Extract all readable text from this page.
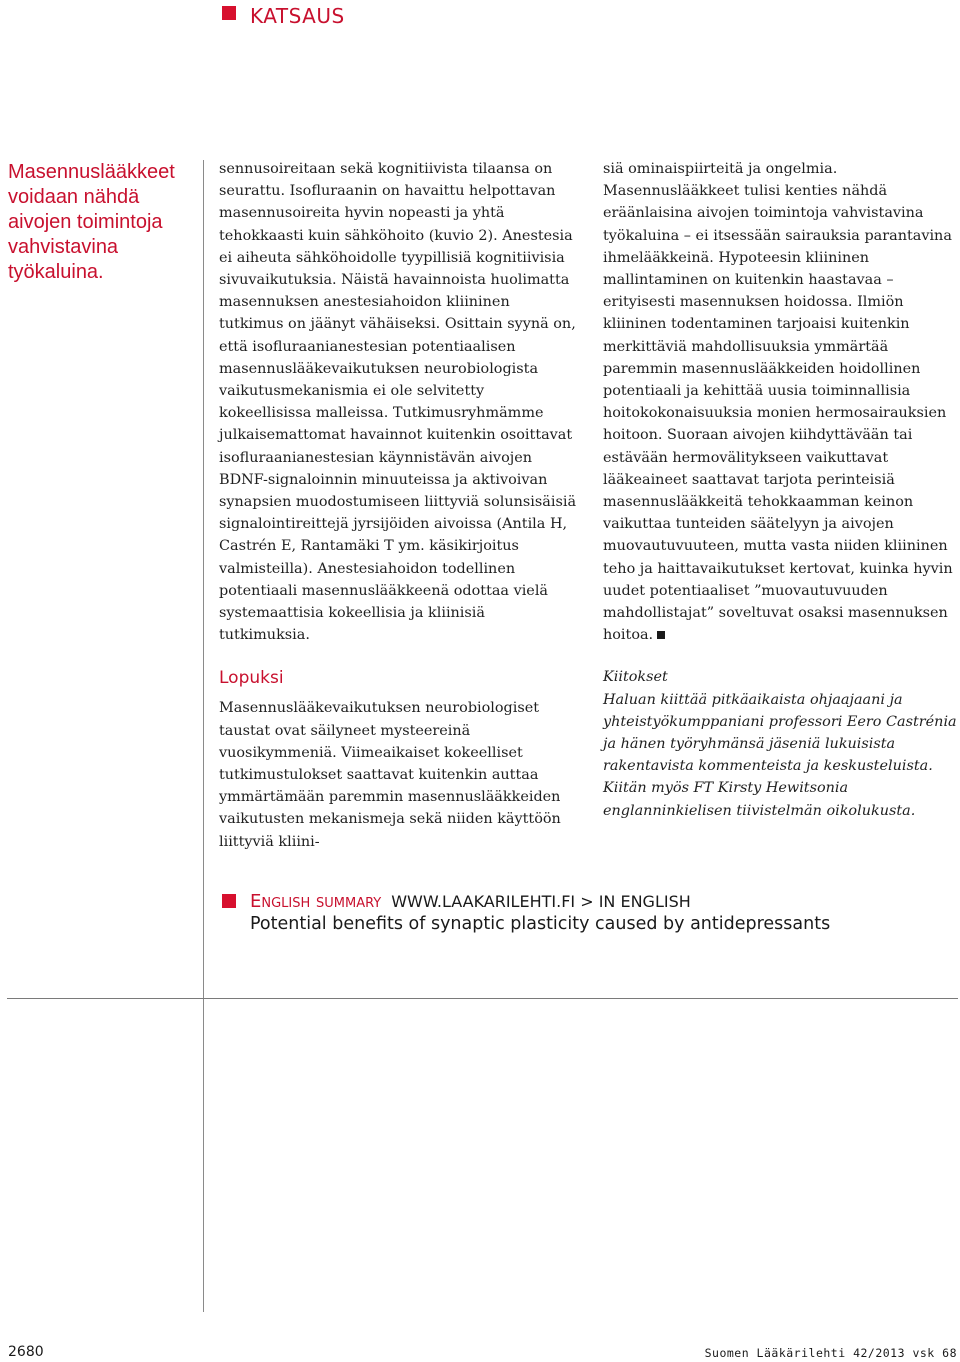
KATSAUS
Masennuslääkkeet voidaan nähdä aivojen toimintoja vahvistavina työkaluina.

sennusoireitaan sekä kognitiivista tilaansa on seurattu. Isofluraanin on havaittu helpottavan masennusoireita hyvin nopeasti ja yhtä tehokkaasti kuin sähköhoito (kuvio 2). Anestesia ei aiheuta sähköhoidolle tyypillisiä kognitiivisia sivuvaikutuksia. Näistä havainnoista huolimatta masennuksen anestesiahoidon kliininen tutkimus on jäänyt vähäiseksi. Osittain syynä on, että isofluraanianestesian potentiaalisen masennuslääkevaikutuksen neurobiologista vaikutusmekanismia ei ole selvitetty kokeellisissa malleissa. Tutkimusryhmämme julkaisemattomat havainnot kuitenkin osoittavat isofluraanianestesian käynnistävän aivojen BDNF-signaloinnin minuuteissa ja aktivoivan synapsien muodostumiseen liittyviä solunsisäisiä signalointireittejä jyrsijöiden aivoissa (Antila H, Castrén E, Rantamäki T ym. käsikirjoitus valmisteilla). Anestesiahoidon todellinen potentiaali masennuslääkkeenä odottaa vielä systemaattisia kokeellisia ja kliinisiä tutkimuksia.

Lopuksi

Masennuslääkevaikutuksen neurobiologiset taustat ovat säilyneet mysteereinä vuosikymmeniä. Viimeaikaiset kokeelliset tutkimustulokset saattavat kuitenkin auttaa ymmärtämään paremmin masennuslääkkeiden vaikutusten mekanismeja sekä niiden käyttöön liittyviä kliini-

siä ominaispiirteitä ja ongelmia. Masennuslääkkeet tulisi kenties nähdä eräänlaisina aivojen toimintoja vahvistavina työkaluina – ei itsessään sairauksia parantavina ihmelääkkeinä. Hypoteesin kliininen mallintaminen on kuitenkin haastavaa – erityisesti masennuksen hoidossa. Ilmiön kliininen todentaminen tarjoaisi kuitenkin merkittäviä mahdollisuuksia ymmärtää paremmin masennuslääkkeiden hoidollinen potentiaali ja kehittää uusia toiminnallisia hoitokokonaisuuksia monien hermosairauksien hoitoon. Suoraan aivojen kiihdyttävään tai estävään hermovälitykseen vaikuttavat lääkeaineet saattavat tarjota perinteisiä masennuslääkkeitä tehokkaamman keinon vaikuttaa tunteiden säätelyyn ja aivojen muovautuvuuteen, mutta vasta niiden kliininen teho ja haittavaikutukset kertovat, kuinka hyvin uudet potentiaaliset ”muovautuvuuden mahdollistajat” soveltuvat osaksi masennuksen hoitoa.

Kiitokset

Haluan kiittää pitkäaikaista ohjaajaani ja yhteistyökumppaniani professori Eero Castrénia ja hänen työryhmänsä jäseniä lukuisista rakentavista kommenteista ja keskusteluista. Kiitän myös FT Kirsty Hewitsonia englanninkielisen tiivistelmän oikolukusta.

English summary WWW.LAAKARILEHTI.FI > IN ENGLISH
Potential benefits of synaptic plasticity caused by antidepressants
2680	Suomen Lääkärilehti 42/2013 vsk 68
